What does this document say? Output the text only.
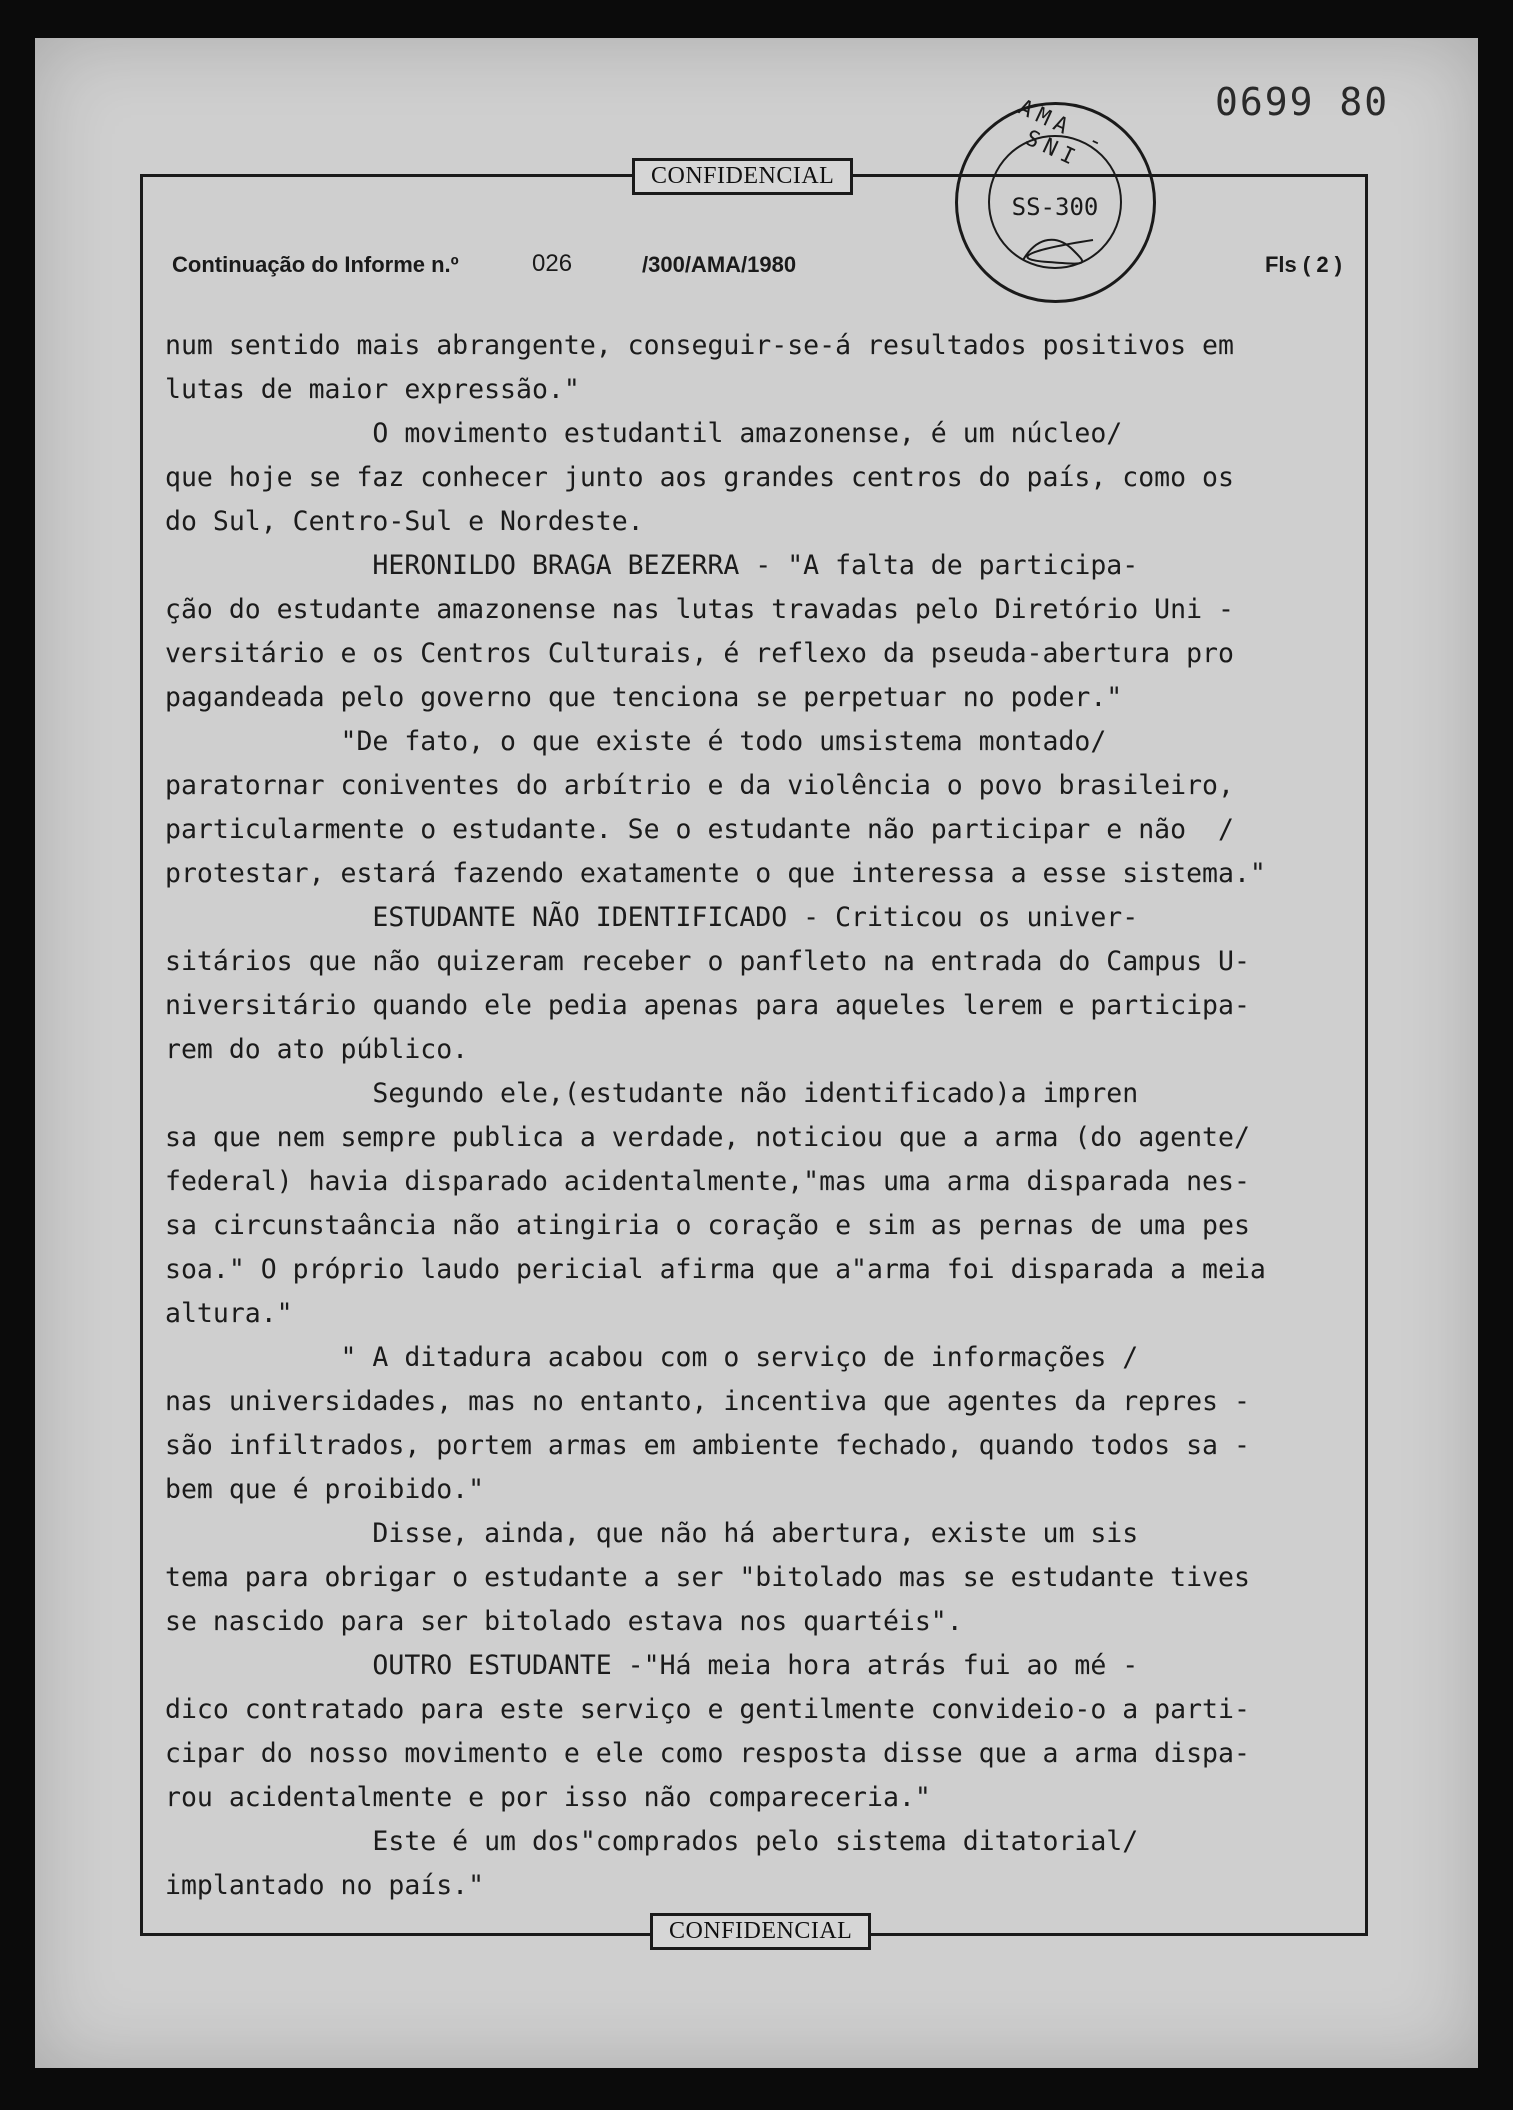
0699 80
CONFIDENCIAL
CONFIDENCIAL
AMA - SNI
SS-300
Continuação do Informe n.º	026	/300/AMA/1980	Fls ( 2 )
num sentido mais abrangente, conseguir-se-á resultados positivos em
lutas de maior expressão."
O movimento estudantil amazonense, é um núcleo/
que hoje se faz conhecer junto aos grandes centros do país, como os
do Sul, Centro-Sul e Nordeste.
HERONILDO BRAGA BEZERRA - "A falta de participa-
ção do estudante amazonense nas lutas travadas pelo Diretório Uni -
versitário e os Centros Culturais, é reflexo da pseuda-abertura pro
pagandeada pelo governo que tenciona se perpetuar no poder."
"De fato, o que existe é todo umsistema montado/
paratornar coniventes do arbítrio e da violência o povo brasileiro,
particularmente o estudante. Se o estudante não participar e não  /
protestar, estará fazendo exatamente o que interessa a esse sistema."
ESTUDANTE NÃO IDENTIFICADO - Criticou os univer-
sitários que não quizeram receber o panfleto na entrada do Campus U-
niversitário quando ele pedia apenas para aqueles lerem e participa-
rem do ato público.
Segundo ele,(estudante não identificado)a impren
sa que nem sempre publica a verdade, noticiou que a arma (do agente/
federal) havia disparado acidentalmente,"mas uma arma disparada nes-
sa circunstaância não atingiria o coração e sim as pernas de uma pes
soa." O próprio laudo pericial afirma que a"arma foi disparada a meia
altura."
" A ditadura acabou com o serviço de informações /
nas universidades, mas no entanto, incentiva que agentes da repres -
são infiltrados, portem armas em ambiente fechado, quando todos sa -
bem que é proibido."
Disse, ainda, que não há abertura, existe um sis
tema para obrigar o estudante a ser "bitolado mas se estudante tives
se nascido para ser bitolado estava nos quartéis".
OUTRO ESTUDANTE -"Há meia hora atrás fui ao mé -
dico contratado para este serviço e gentilmente convideio-o a parti-
cipar do nosso movimento e ele como resposta disse que a arma dispa-
rou acidentalmente e por isso não compareceria."
Este é um dos"comprados pelo sistema ditatorial/
implantado no país."
